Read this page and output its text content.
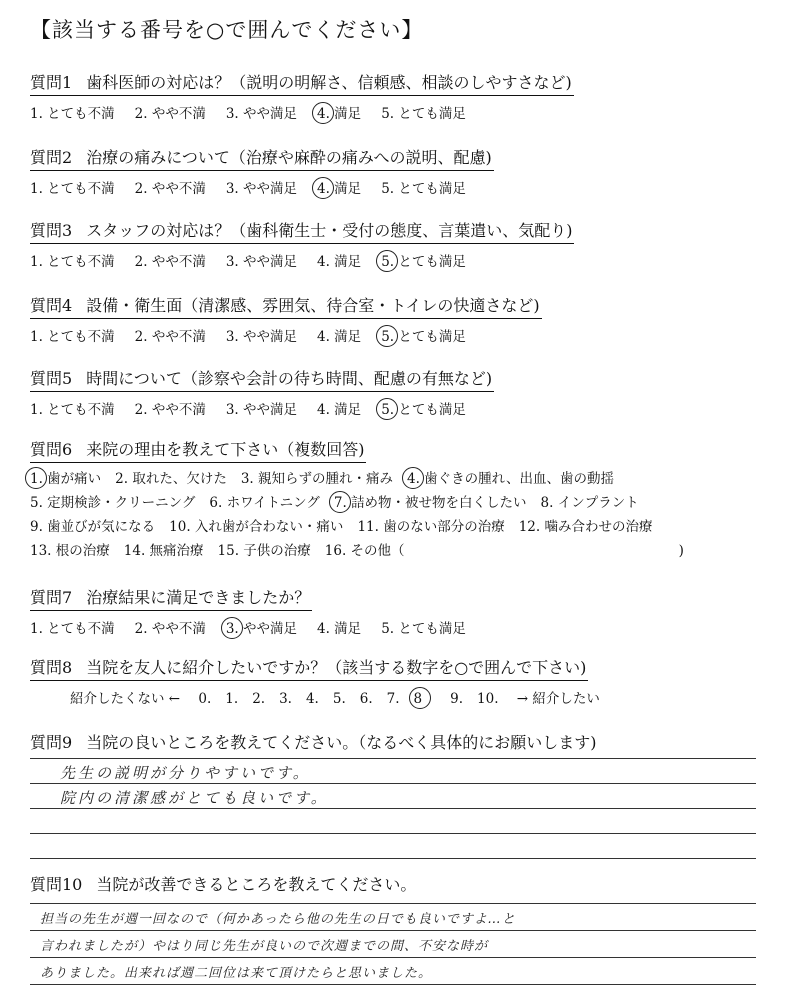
【該当する番号を○で囲んでください】
質問1 歯科医師の対応は？（説明の明解さ、信頼感、相談のしやすさなど)
1. とても不満 2. やや不満 3. やや満足 4. 満足 5. とても満足
質問2 治療の痛みについて（治療や麻酔の痛みへの説明、配慮)
1. とても不満 2. やや不満 3. やや満足 4. 満足 5. とても満足
質問3 スタッフの対応は？（歯科衛生士・受付の態度、言葉遣い、気配り)
1. とても不満 2. やや不満 3. やや満足 4. 満足 5. とても満足
質問4 設備・衛生面（清潔感、雰囲気、待合室・トイレの快適さなど)
1. とても不満 2. やや不満 3. やや満足 4. 満足 5. とても満足
質問5 時間について（診察や会計の待ち時間、配慮の有無など)
1. とても不満 2. やや不満 3. やや満足 4. 満足 5. とても満足
質問6 来院の理由を教えて下さい（複数回答)
1. 歯が痛い 2. 取れた、欠けた 3. 親知らずの腫れ・痛み 4. 歯ぐきの腫れ、出血、歯の動揺
5. 定期検診・クリーニング 6. ホワイトニング 7. 詰め物・被せ物を白くしたい 8. インプラント
9. 歯並びが気になる 10. 入れ歯が合わない・痛い 11. 歯のない部分の治療 12. 噛み合わせの治療
13. 根の治療 14. 無痛治療 15. 子供の治療 16. その他（	)
質問7 治療結果に満足できましたか？
1. とても不満 2. やや不満 3. やや満足 4. 満足 5. とても満足
質問8 当院を友人に紹介したいですか？（該当する数字を○で囲んで下さい)
紹介したくない ← 0. 1. 2. 3. 4. 5. 6. 7. 8 9. 10. → 紹介したい
質問9 当院の良いところを教えてください。（なるべく具体的にお願いします)
先生の説明が分りやすいです。
院内の清潔感がとても良いです。
質問10 当院が改善できるところを教えてください。
担当の先生が週一回なので（何かあったら他の先生の日でも良いですよ…と
言われましたが）やはり同じ先生が良いので次週までの間、不安な時が
ありました。出来れば週二回位は来て頂けたらと思いました。
